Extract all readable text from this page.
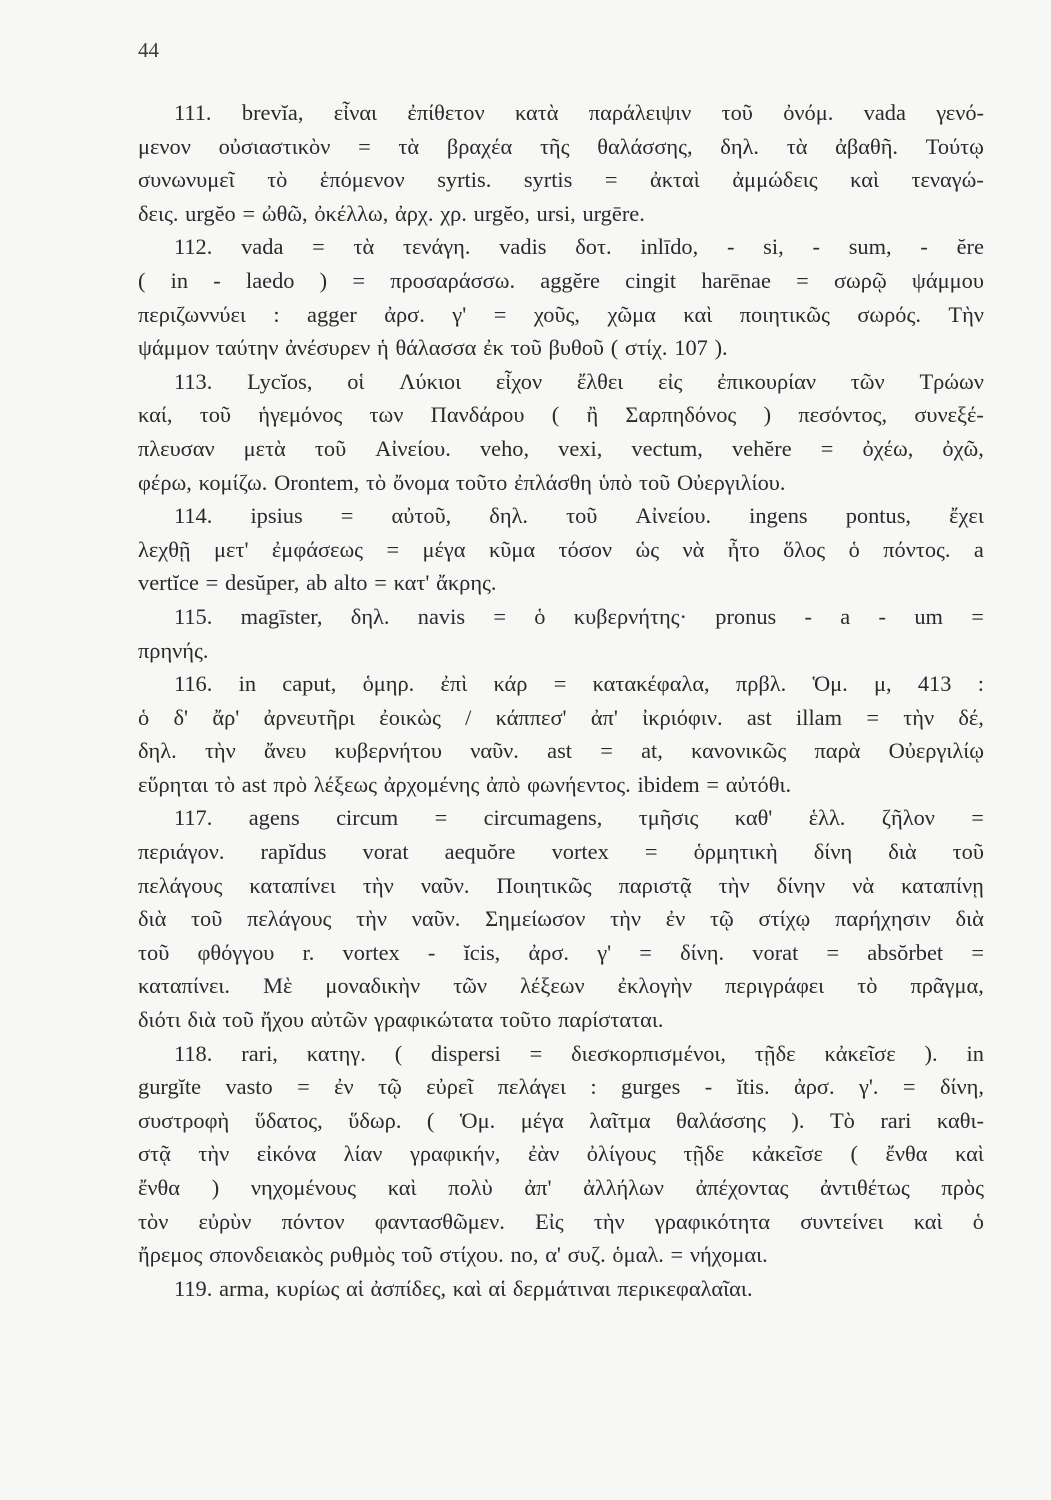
44
111. brevĭa, εἶναι ἐπίθετον κατὰ παράλειψιν τοῦ ὀνόμ. vada γενό-
μενον οὐσιαστικὸν = τὰ βραχέα τῆς θαλάσσης, δηλ. τὰ ἀβαθῆ. Τούτῳ
συνωνυμεῖ τὸ ἑπόμενον syrtis. syrtis = ἀκταὶ ἀμμώδεις καὶ τεναγώ-
δεις. urgĕo = ὠθῶ, ὀκέλλω, ἀρχ. χρ. urgĕo, ursi, urgēre.
112. vada = τὰ τενάγη. vadis δοτ. inlīdo, - si, - sum, - ĕre
( in - laedo ) = προσαράσσω. aggĕre cingit harēnae = σωρῷ ψάμμου
περιζωννύει : agger ἀρσ. γ' = χοῦς, χῶμα καὶ ποιητικῶς σωρός. Τὴν
ψάμμον ταύτην ἀνέσυρεν ἡ θάλασσα ἐκ τοῦ βυθοῦ ( στίχ. 107 ).
113. Lycĭos, οἱ Λύκιοι εἶχον ἔλθει εἰς ἐπικουρίαν τῶν Τρώων
καί, τοῦ ἡγεμόνος των Πανδάρου ( ἢ Σαρπηδόνος ) πεσόντος, συνεξέ-
πλευσαν μετὰ τοῦ Αἰνείου. veho, vexi, vectum, vehĕre = ὀχέω, ὀχῶ,
φέρω, κομίζω. Orontem, τὸ ὄνομα τοῦτο ἐπλάσθη ὑπὸ τοῦ Οὐεργιλίου.
114. ipsius = αὐτοῦ, δηλ. τοῦ Αἰνείου. ingens pontus, ἔχει
λεχθῇ μετ' ἐμφάσεως = μέγα κῦμα τόσον ὡς νὰ ἦτο ὅλος ὁ πόντος. a
vertĭce = desŭper, ab alto = κατ' ἄκρης.
115. magīster, δηλ. navis = ὁ κυβερνήτης· pronus - a - um =
πρηνής.
116. in caput, ὁμηρ. ἐπὶ κάρ = κατακέφαλα, πρβλ. Ὁμ. μ, 413 :
ὁ δ' ἄρ' ἀρνευτῆρι ἐοικὼς / κάππεσ' ἀπ' ἰκριόφιν. ast illam = τὴν δέ,
δηλ. τὴν ἄνευ κυβερνήτου ναῦν. ast = at, κανονικῶς παρὰ Οὐεργιλίῳ
εὕρηται τὸ ast πρὸ λέξεως ἀρχομένης ἀπὸ φωνήεντος. ibidem = αὐτόθι.
117. agens circum = circumagens, τμῆσις καθ' ἑλλ. ζῆλον =
περιάγον. rapĭdus vorat aequŏre vortex = ὁρμητικὴ δίνη διὰ τοῦ
πελάγους καταπίνει τὴν ναῦν. Ποιητικῶς παριστᾷ τὴν δίνην νὰ καταπίνῃ
διὰ τοῦ πελάγους τὴν ναῦν. Σημείωσον τὴν ἐν τῷ στίχῳ παρήχησιν διὰ
τοῦ φθόγγου r. vortex - ĭcis, ἀρσ. γ' = δίνη. vorat = absŏrbet =
καταπίνει. Μὲ μοναδικὴν τῶν λέξεων ἐκλογὴν περιγράφει τὸ πρᾶγμα,
διότι διὰ τοῦ ἤχου αὐτῶν γραφικώτατα τοῦτο παρίσταται.
118. rari, κατηγ. ( dispersi = διεσκορπισμένοι, τῇδε κἀκεῖσε ). in
gurgĭte vasto = ἐν τῷ εὐρεῖ πελάγει : gurges - ĭtis. ἀρσ. γ'. = δίνη,
συστροφὴ ὕδατος, ὕδωρ. ( Ὁμ. μέγα λαῖτμα θαλάσσης ). Τὸ rari καθι-
στᾷ τὴν εἰκόνα λίαν γραφικήν, ἐὰν ὀλίγους τῇδε κἀκεῖσε ( ἔνθα καὶ
ἔνθα ) νηχομένους καὶ πολὺ ἀπ' ἀλλήλων ἀπέχοντας ἀντιθέτως πρὸς
τὸν εὐρὺν πόντον φαντασθῶμεν. Εἰς τὴν γραφικότητα συντείνει καὶ ὁ
ἤρεμος σπονδειακὸς ρυθμὸς τοῦ στίχου. no, α' συζ. ὁμαλ. = νήχομαι.
119. arma, κυρίως αἱ ἀσπίδες, καὶ αἱ δερμάτιναι περικεφαλαῖαι.
